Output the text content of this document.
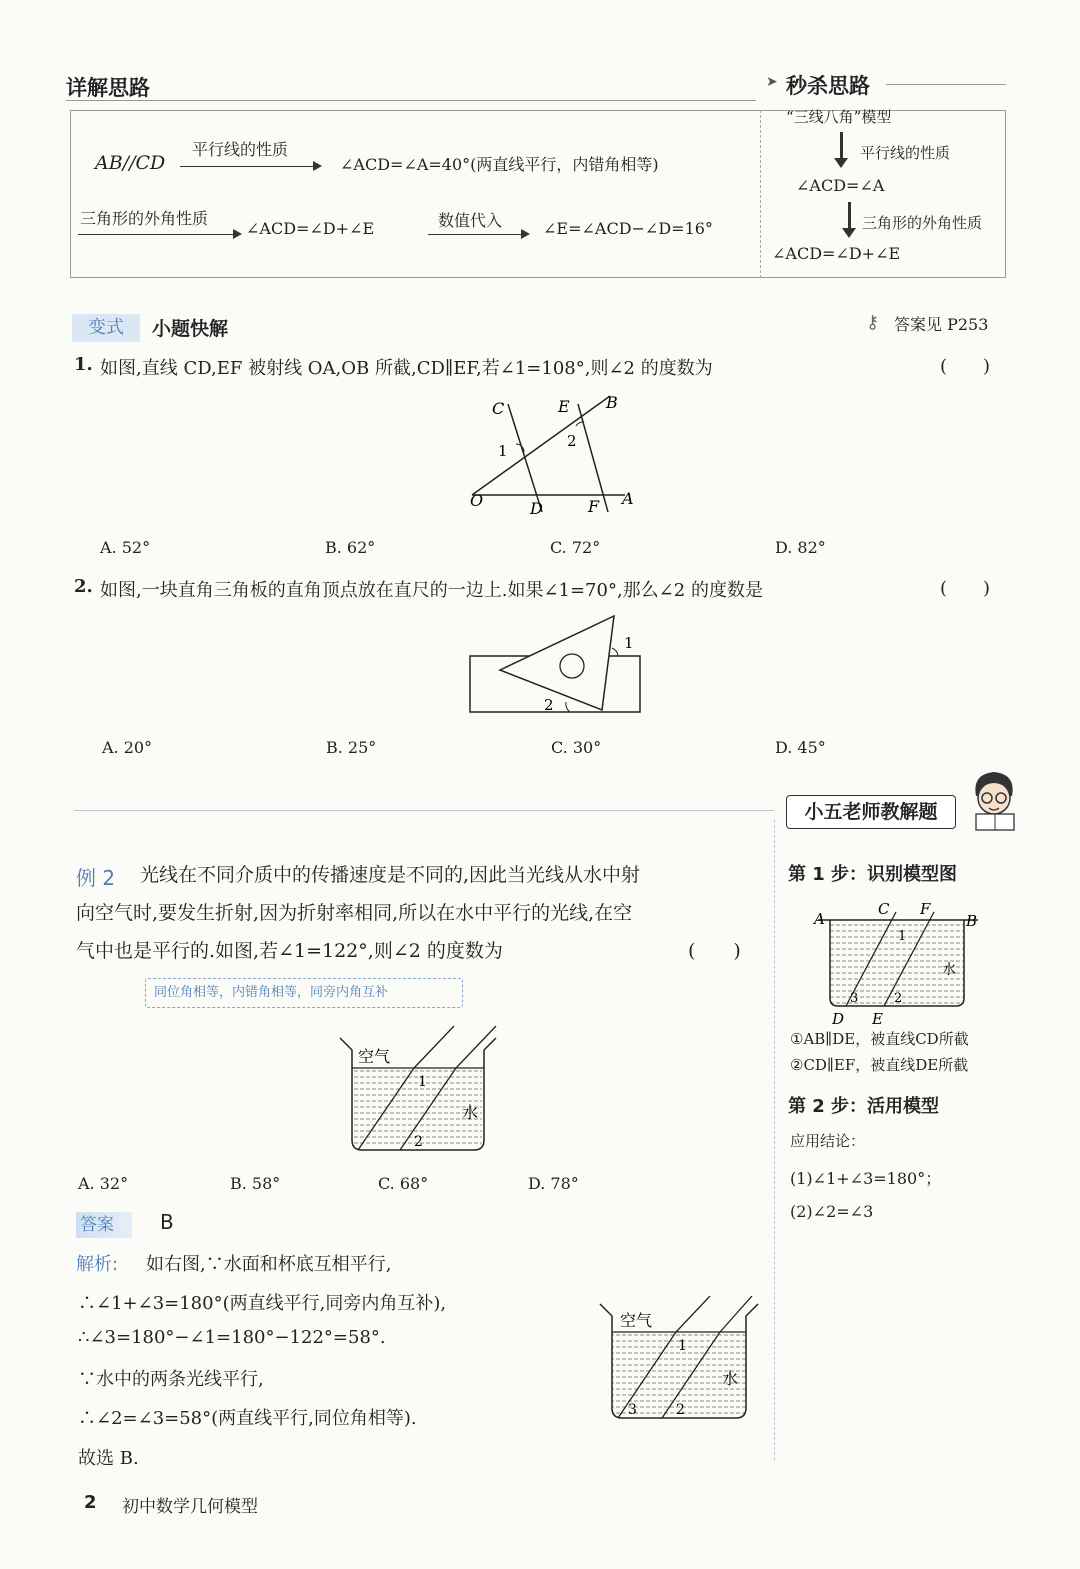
详解思路	➤ 秒杀思路
AB//CD
平行线的性质
∠ACD=∠A=40°(两直线平行，内错角相等)
三角形的外角性质
∠ACD=∠D+∠E	数值代入	∠E=∠ACD−∠D=16°
“三线八角”模型
平行线的性质
∠ACD=∠A
三角形的外角性质
∠ACD=∠D+∠E
变式	小题快解	⚷ 答案见 P253
1. 如图,直线 CD,EF 被射线 OA,OB 所截,CD∥EF,若∠1=108°,则∠2 的度数为	(　　)
C	E B
1
2
O	D	F A
A. 52°	B. 62°	C. 72°	D. 82°
2. 如图,一块直角三角板的直角顶点放在直尺的一边上.如果∠1=70°,那么∠2 的度数是	(　　)
1
2
A. 20°	B. 25°	C. 30°	D. 45°
小五老师教解题
第 1 步：识别模型图
A
C F
B
1
水
3	2
D E
①AB∥DE，被直线CD所截
②CD∥EF，被直线DE所截
第 2 步：活用模型
应用结论：
(1)∠1+∠3=180°；
(2)∠2=∠3
例 2 光线在不同介质中的传播速度是不同的,因此当光线从水中射
向空气时,要发生折射,因为折射率相同,所以在水中平行的光线,在空
气中也是平行的.如图,若∠1=122°,则∠2 的度数为	(　　)
同位角相等，内错角相等，同旁内角互补
空气
1
水
2
A. 32°	B. 58°	C. 68°	D. 78°
答案	B
解析: 如右图,∵水面和杯底互相平行,
∴∠1+∠3=180°(两直线平行,同旁内角互补),
∴∠3=180°−∠1=180°−122°=58°.
∵水中的两条光线平行,
∴∠2=∠3=58°(两直线平行,同位角相等).
故选 B.
空气
1
水
3	2
2 初中数学几何模型
